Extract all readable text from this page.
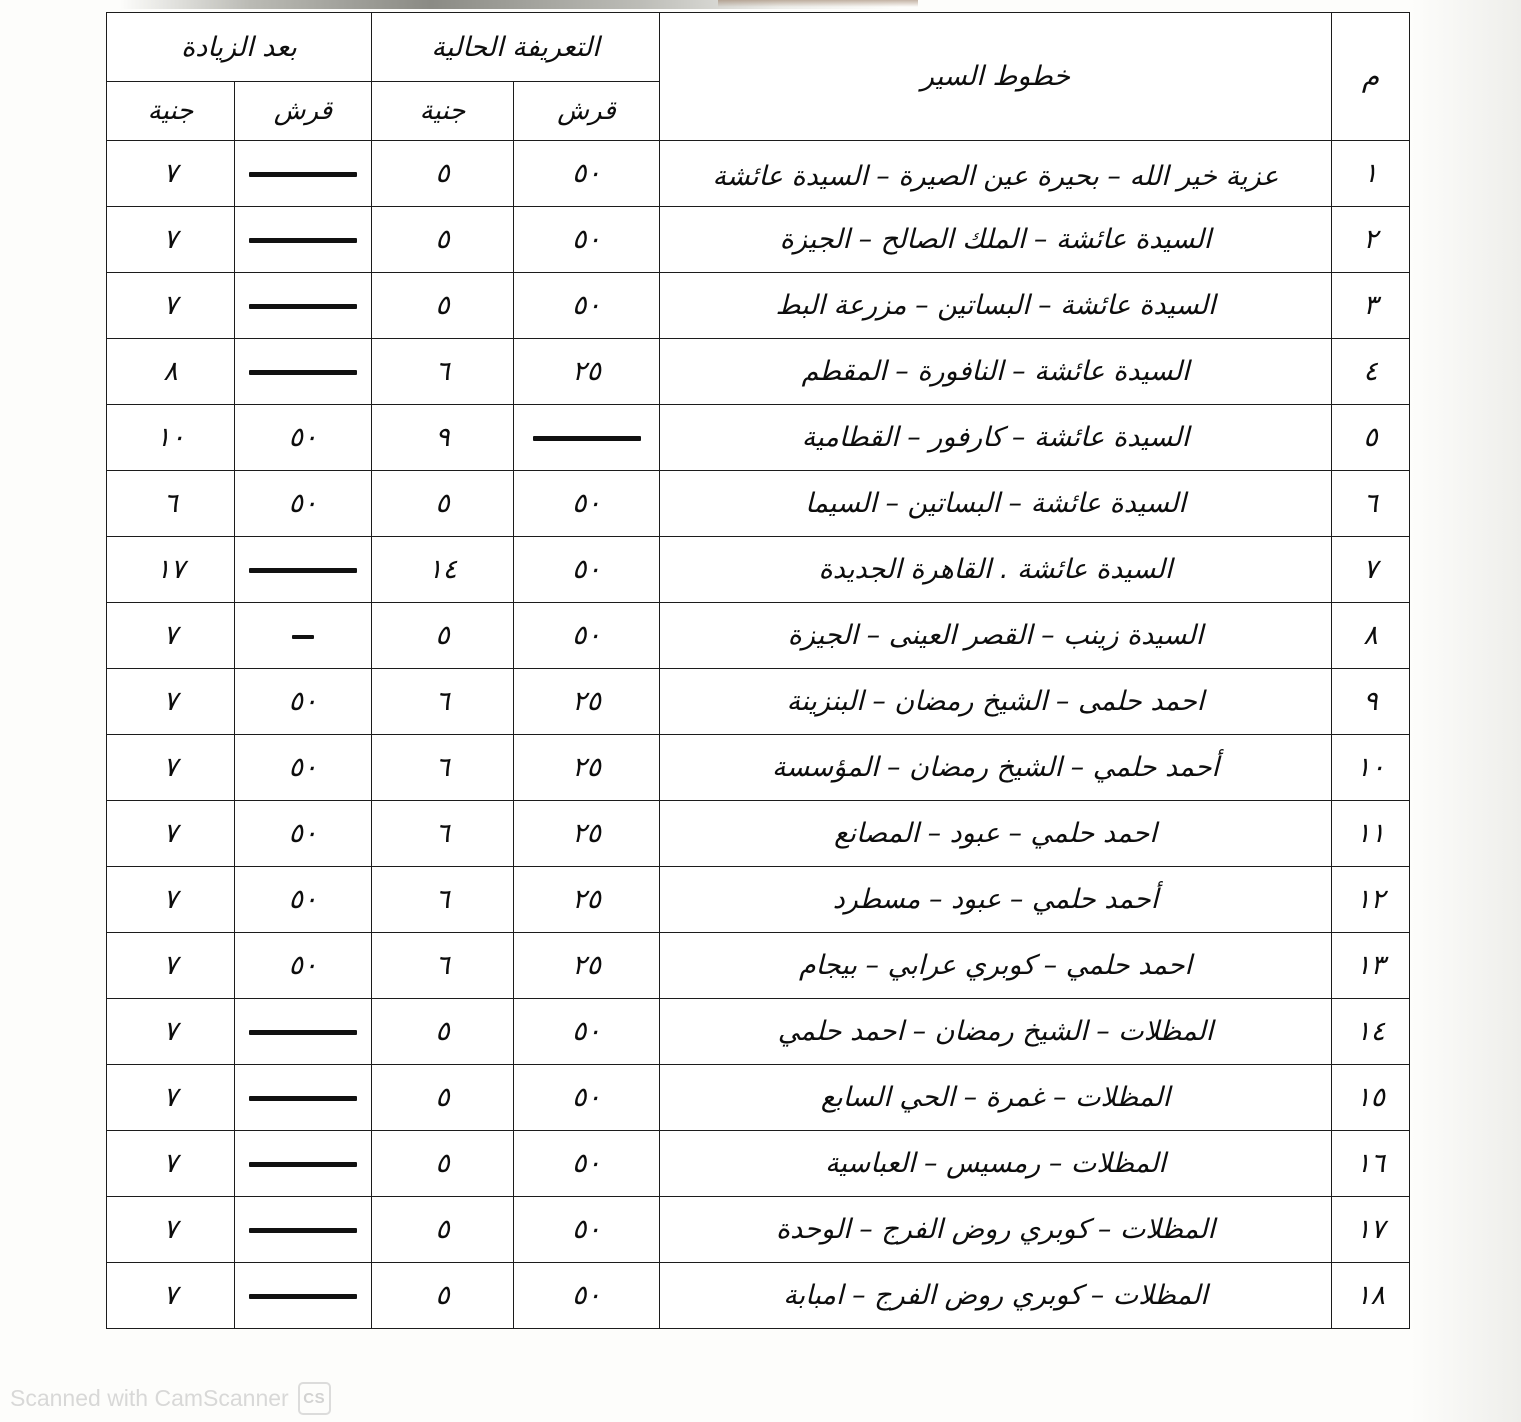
م	خطوط السير	التعريفة الحالية		بعد الزيادة	
		قرش	جنية	قرش	جنية
١	عزية خير الله – بحيرة عين الصيرة – السيدة عائشة	٥٠	٥		٧
٢	السيدة عائشة – الملك الصالح – الجيزة	٥٠	٥		٧
٣	السيدة عائشة – البساتين – مزرعة البط	٥٠	٥		٧
٤	السيدة عائشة – النافورة – المقطم	٢٥	٦		٨
٥	السيدة عائشة – كارفور – القطامية		٩	٥٠	١٠
٦	السيدة عائشة – البساتين – السيما	٥٠	٥	٥٠	٦
٧	السيدة عائشة . القاهرة الجديدة	٥٠	١٤		١٧
٨	السيدة زينب – القصر العينى – الجيزة	٥٠	٥		٧
٩	احمد حلمى – الشيخ رمضان – البنزينة	٢٥	٦	٥٠	٧
١٠	أحمد حلمي – الشيخ رمضان – المؤسسة	٢٥	٦	٥٠	٧
١١	احمد حلمي – عبود – المصانع	٢٥	٦	٥٠	٧
١٢	أحمد حلمي – عبود – مسطرد	٢٥	٦	٥٠	٧
١٣	احمد حلمي – كوبري عرابي – بيجام	٢٥	٦	٥٠	٧
١٤	المظلات – الشيخ رمضان – احمد حلمي	٥٠	٥		٧
١٥	المظلات – غمرة – الحي السابع	٥٠	٥		٧
١٦	المظلات – رمسيس – العباسية	٥٠	٥		٧
١٧	المظلات – كوبري روض الفرج – الوحدة	٥٠	٥		٧
١٨	المظلات – كوبري روض الفرج – امبابة	٥٠	٥		٧
CS
Scanned with CamScanner
